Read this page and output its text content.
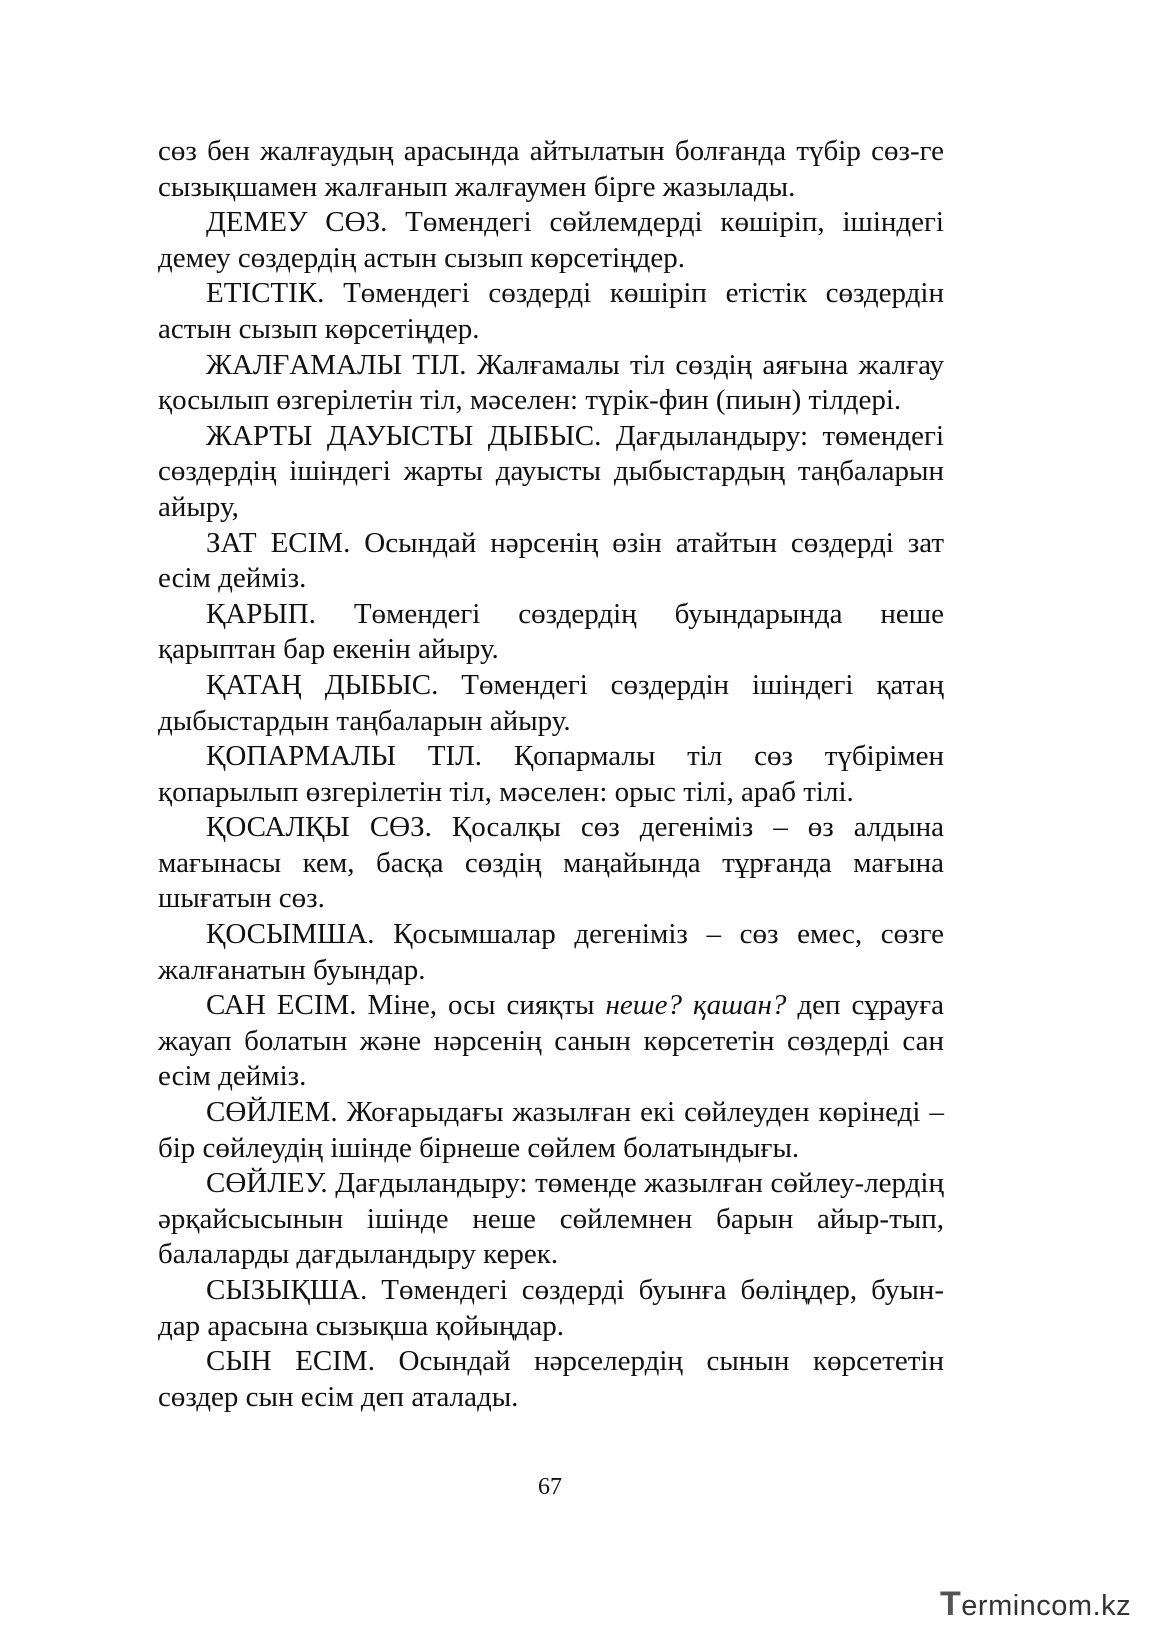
сөз бен жалғаудың арасында айтылатын болғанда түбір сөз-ге сызықшамен жалғанып жалғаумен бірге жазылады.

ДЕМЕУ СӨЗ. Төмендегі сөйлемдерді көшіріп, ішіндегі демеу сөздердің астын сызып көрсетіңдер.

ЕТІСТІК. Төмендегі сөздерді көшіріп етістік сөздердін астын сызып көрсетіңдер.

ЖАЛҒАМАЛЫ ТІЛ. Жалғамалы тіл сөздің аяғына жалғау қосылып өзгерілетін тіл, мәселен: түрік-фин (пиын) тілдері.

ЖАРТЫ ДАУЫСТЫ ДЫБЫС. Дағдыландыру: төмендегі сөздердің ішіндегі жарты дауысты дыбыстардың таңбаларын айыру,

ЗАТ ЕСІМ. Осындай нәрсенің өзін атайтын сөздерді зат есім дейміз.

ҚАРЫП. Төмендегі сөздердің буындарында неше қарыптан бар екенін айыру.

ҚАТАҢ ДЫБЫС. Төмендегі сөздердін ішіндегі қатаң дыбыстардын таңбаларын айыру.

ҚОПАРМАЛЫ ТІЛ. Қопармалы тіл сөз түбірімен қопарылып өзгерілетін тіл, мәселен: орыс тілі, араб тілі.

ҚОСАЛҚЫ СӨЗ. Қосалқы сөз дегеніміз – өз алдына мағынасы кем, басқа сөздің маңайында тұрғанда мағына шығатын сөз.

ҚОСЫМША. Қосымшалар дегеніміз – сөз емес, сөзге жалғанатын буындар.

САН ЕСІМ. Міне, осы сияқты неше? қашан? деп сұрауға жауап болатын және нәрсенің санын көрсететін сөздерді сан есім дейміз.

СӨЙЛЕМ. Жоғарыдағы жазылған екі сөйлеуден көрінеді – бір сөйлеудің ішінде бірнеше сөйлем болатындығы.

СӨЙЛЕУ. Дағдыландыру: төменде жазылған сөйлеу-лердің әрқайсысынын ішінде неше сөйлемнен барын айыр-тып, балаларды дағдыландыру керек.

СЫЗЫҚША. Төмендегі сөздерді буынға бөліңдер, буын-дар арасына сызықша қойыңдар.

СЫН ЕСІМ. Осындай нәрселердің сынын көрсететін сөздер сын есім деп аталады.

67
Termincom.kz
